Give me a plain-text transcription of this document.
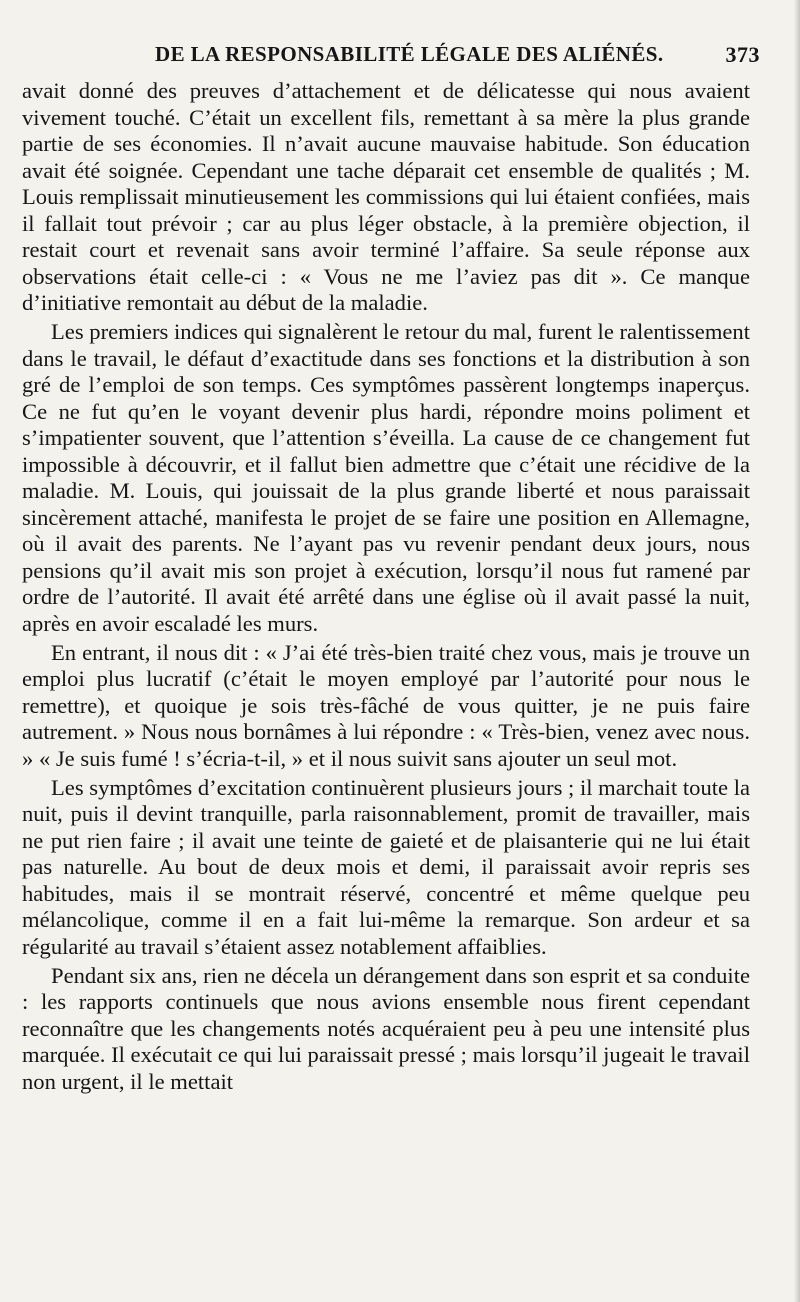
DE LA RESPONSABILITÉ LÉGALE DES ALIÉNÉS.	373

avait donné des preuves d’attachement et de délicatesse qui nous avaient vivement touché. C’était un excellent fils, remettant à sa mère la plus grande partie de ses économies. Il n’avait aucune mauvaise habitude. Son éducation avait été soignée. Cependant une tache déparait cet ensemble de qualités ; M. Louis remplissait minutieusement les commissions qui lui étaient confiées, mais il fallait tout prévoir ; car au plus léger obstacle, à la première objection, il restait court et revenait sans avoir terminé l’affaire. Sa seule réponse aux observations était celle-ci : « Vous ne me l’aviez pas dit ». Ce manque d’initiative remontait au début de la maladie.

Les premiers indices qui signalèrent le retour du mal, furent le ralentissement dans le travail, le défaut d’exactitude dans ses fonctions et la distribution à son gré de l’emploi de son temps. Ces symptômes passèrent longtemps inaperçus. Ce ne fut qu’en le voyant devenir plus hardi, répondre moins poliment et s’impatienter souvent, que l’attention s’éveilla. La cause de ce changement fut impossible à découvrir, et il fallut bien admettre que c’était une récidive de la maladie. M. Louis, qui jouissait de la plus grande liberté et nous paraissait sincèrement attaché, manifesta le projet de se faire une position en Allemagne, où il avait des parents. Ne l’ayant pas vu revenir pendant deux jours, nous pensions qu’il avait mis son projet à exécution, lorsqu’il nous fut ramené par ordre de l’autorité. Il avait été arrêté dans une église où il avait passé la nuit, après en avoir escaladé les murs.

En entrant, il nous dit : « J’ai été très-bien traité chez vous, mais je trouve un emploi plus lucratif (c’était le moyen employé par l’autorité pour nous le remettre), et quoique je sois très-fâché de vous quitter, je ne puis faire autrement. » Nous nous bornâmes à lui répondre : « Très-bien, venez avec nous. » « Je suis fumé ! s’écria-t-il, » et il nous suivit sans ajouter un seul mot.

Les symptômes d’excitation continuèrent plusieurs jours ; il marchait toute la nuit, puis il devint tranquille, parla raisonnablement, promit de travailler, mais ne put rien faire ; il avait une teinte de gaieté et de plaisanterie qui ne lui était pas naturelle. Au bout de deux mois et demi, il paraissait avoir repris ses habitudes, mais il se montrait réservé, concentré et même quelque peu mélancolique, comme il en a fait lui-même la remarque. Son ardeur et sa régularité au travail s’étaient assez notablement affaiblies.

Pendant six ans, rien ne décela un dérangement dans son esprit et sa conduite : les rapports continuels que nous avions ensemble nous firent cependant reconnaître que les changements notés acquéraient peu à peu une intensité plus marquée. Il exécutait ce qui lui paraissait pressé ; mais lorsqu’il jugeait le travail non urgent, il le mettait
